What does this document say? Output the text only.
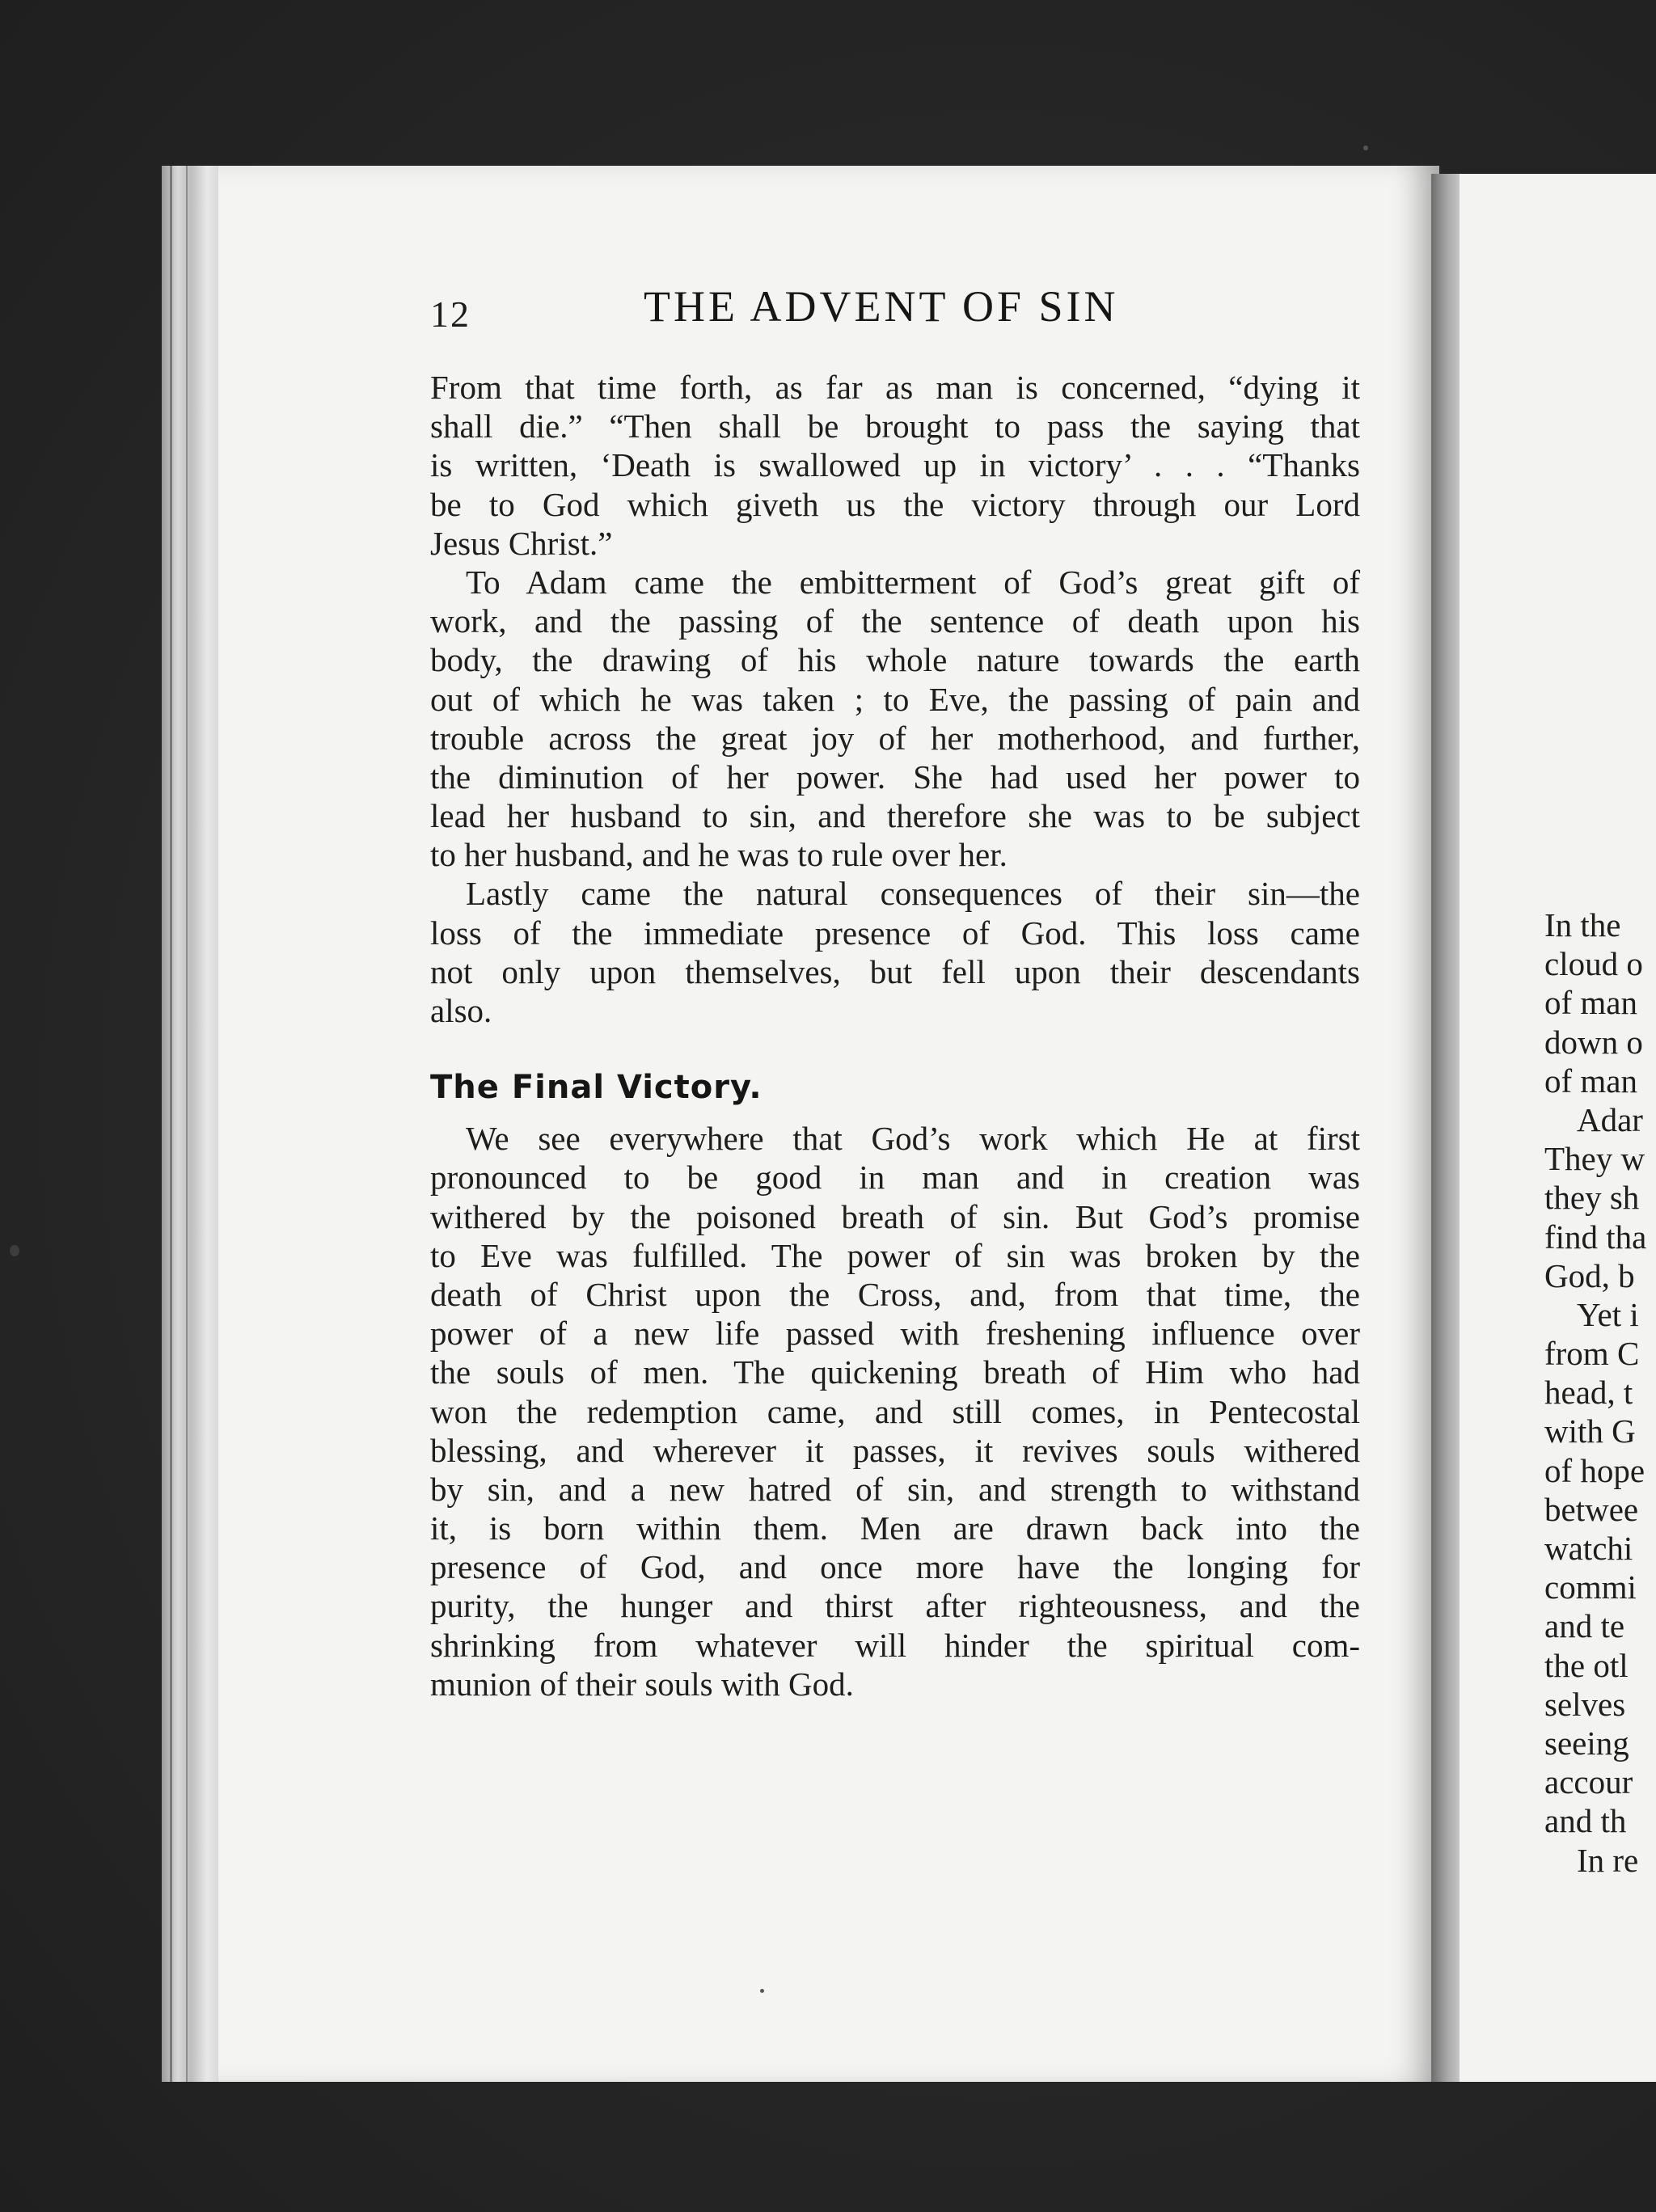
12	THE ADVENT OF SIN
From that time forth, as far as man is concerned, “dying it
shall die.” “Then shall be brought to pass the saying that
is written, ‘Death is swallowed up in victory’ . . . “Thanks
be to God which giveth us the victory through our Lord
Jesus Christ.”
To Adam came the embitterment of God’s great gift of
work, and the passing of the sentence of death upon his
body, the drawing of his whole nature towards the earth
out of which he was taken ; to Eve, the passing of pain and
trouble across the great joy of her motherhood, and further,
the diminution of her power. She had used her power to
lead her husband to sin, and therefore she was to be subject
to her husband, and he was to rule over her.
Lastly came the natural consequences of their sin—the
loss of the immediate presence of God. This loss came
not only upon themselves, but fell upon their descendants
also.
The Final Victory.
We see everywhere that God’s work which He at first
pronounced to be good in man and in creation was
withered by the poisoned breath of sin. But God’s promise
to Eve was fulfilled. The power of sin was broken by the
death of Christ upon the Cross, and, from that time, the
power of a new life passed with freshening influence over
the souls of men. The quickening breath of Him who had
won the redemption came, and still comes, in Pentecostal
blessing, and wherever it passes, it revives souls withered
by sin, and a new hatred of sin, and strength to withstand
it, is born within them. Men are drawn back into the
presence of God, and once more have the longing for
purity, the hunger and thirst after righteousness, and the
shrinking from whatever will hinder the spiritual com-
munion of their souls with God.
In the
cloud o
of man
down o
of man
Adar
They w
they sh
find tha
God, b
Yet i
from C
head, t
with G
of hope
betwee
watchi
commi
and te
the otl
selves
seeing
accour
and th
In re
